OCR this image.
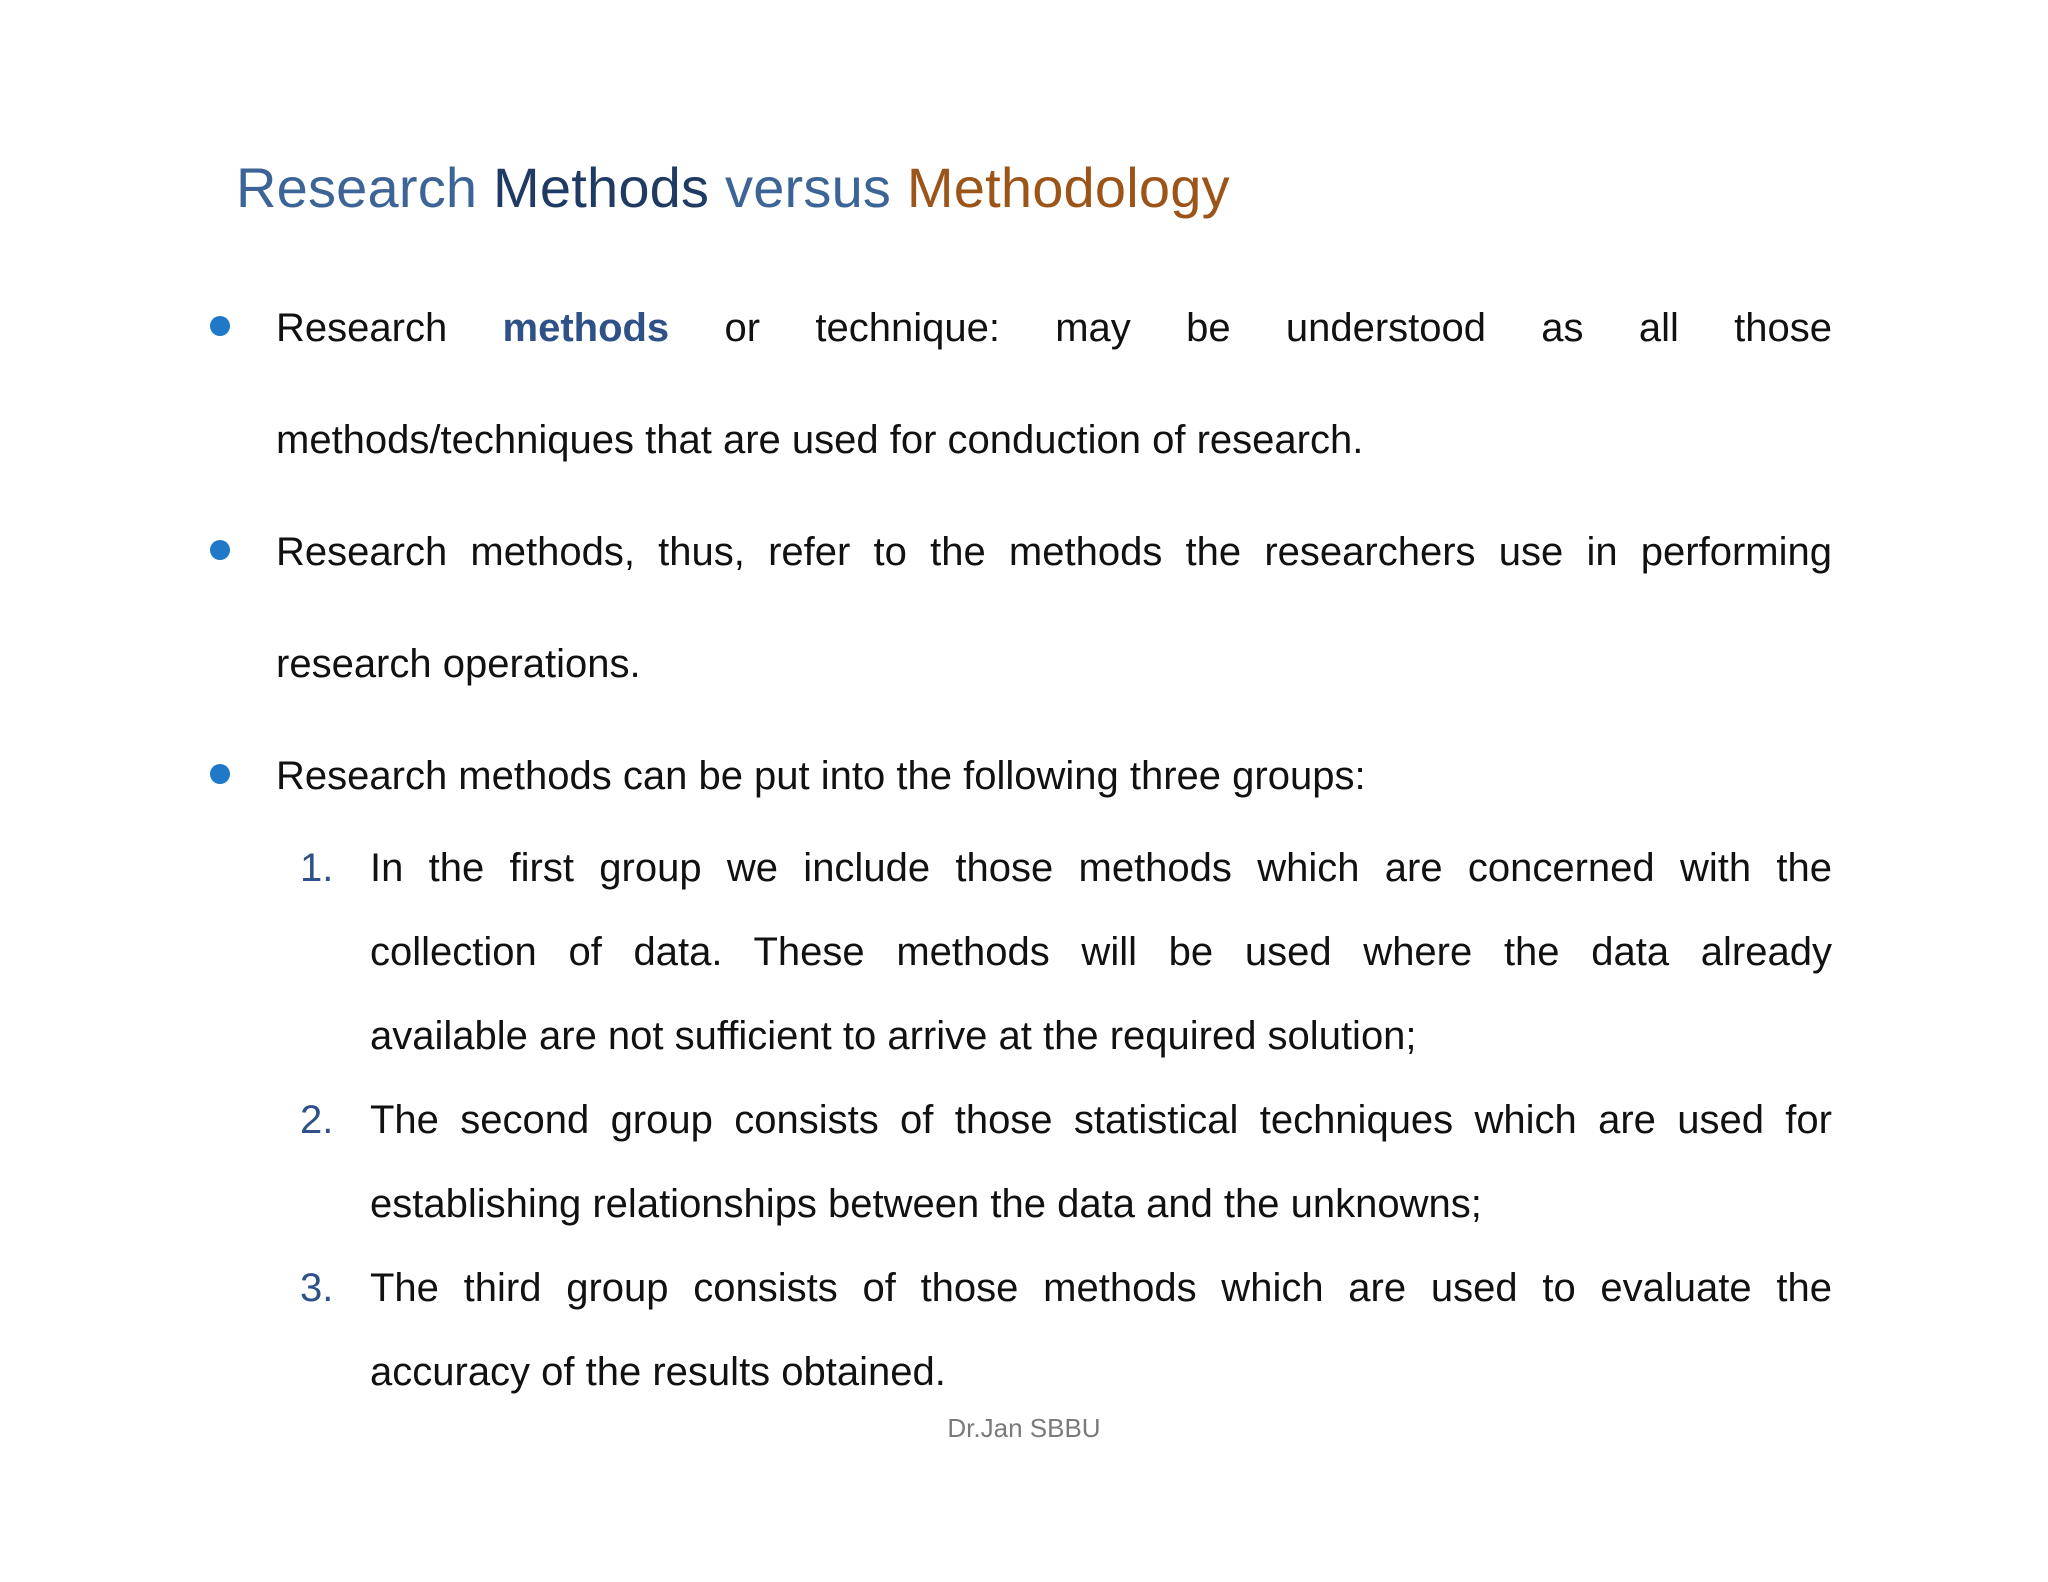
Research Methods versus Methodology
Research methods or technique: may be understood as all those
methods/techniques that are used for conduction of research.
Research methods, thus, refer to the methods the researchers use in performing
research operations.
Research methods can be put into the following three groups:
1. In the first group we include those methods which are concerned with the
collection of data. These methods will be used where the data already
available are not sufficient to arrive at the required solution;
2. The second group consists of those statistical techniques which are used for
establishing relationships between the data and the unknowns;
3. The third group consists of those methods which are used to evaluate the
accuracy of the results obtained.
Dr.Jan SBBU
